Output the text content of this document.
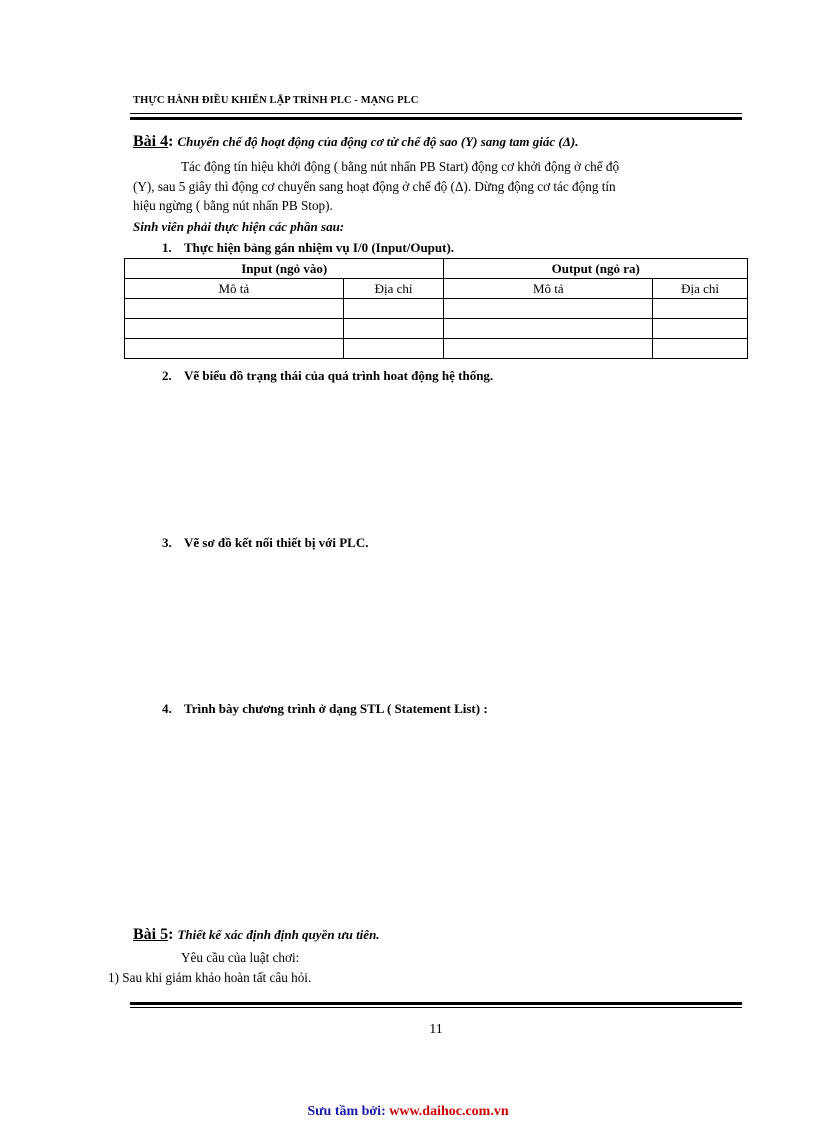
THỰC HÀNH ĐIỀU KHIỂN LẬP TRÌNH PLC - MẠNG PLC
Bài 4: Chuyển chế độ hoạt động của động cơ từ chế độ sao (Y) sang tam giác (Δ).
Tác động tín hiệu khởi động ( bằng nút nhấn PB Start) động cơ khởi động ở chế độ
(Y), sau 5 giây thì động cơ chuyển sang hoạt động ở chế độ (Δ). Dừng động cơ tác động tín
hiệu ngừng ( bằng nút nhấn PB Stop).
Sinh viên phải thực hiện các phần sau:
1. Thực hiện bảng gán nhiệm vụ I/0 (Input/Ouput).
Input (ngỏ vào)		Output (ngỏ ra)	
Mô tả	Địa chỉ	Mô tả	Địa chỉ

2. Vẽ biểu đồ trạng thái của quá trình hoat động hệ thống.
3. Vẽ sơ đồ kết nối thiết bị với PLC.
4. Trình bày chương trình ở dạng STL ( Statement List) :
Bài 5: Thiết kế xác định định quyền ưu tiên.
Yêu cầu của luật chơi:
1) Sau khi giám khảo hoàn tất câu hỏi.
11
Sưu tầm bởi: www.daihoc.com.vn
